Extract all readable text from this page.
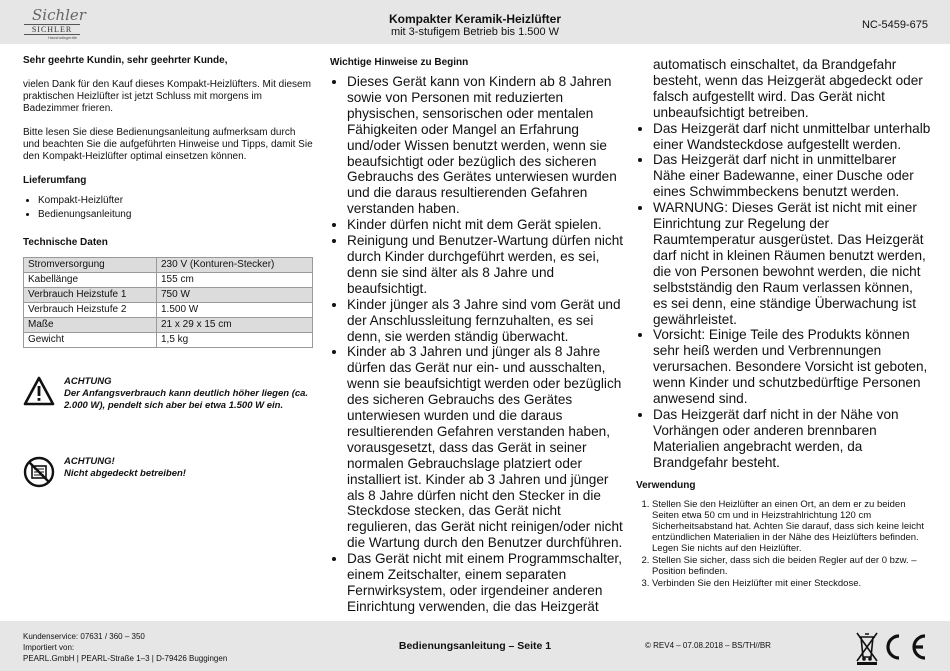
Sichler
SICHLER
Haushaltsgeräte
Kompakter Keramik-Heizlüfter
mit 3-stufigem Betrieb bis 1.500 W
NC-5459-675

Sehr geehrte Kundin, sehr geehrter Kunde,

vielen Dank für den Kauf dieses Kompakt-Heizlüfters. Mit diesem praktischen Heizlüfter ist jetzt Schluss mit morgens im Badezimmer frieren.

Bitte lesen Sie diese Bedienungsanleitung aufmerksam durch und beachten Sie die aufgeführten Hinweise und Tipps, damit Sie den Kompakt-Heizlüfter optimal einsetzen können.

Lieferumfang
• Kompakt-Heizlüfter
• Bedienungsanleitung
Technische Daten
Stromversorgung	230 V (Konturen-Stecker)
Kabellänge	155 cm
Verbrauch Heizstufe 1	750 W
Verbrauch Heizstufe 2	1.500 W
Maße	21 x 29 x 15 cm
Gewicht	1,5 kg
ACHTUNG
Der Anfangsverbrauch kann deutlich höher liegen (ca. 2.000 W), pendelt sich aber bei etwa 1.500 W ein.
ACHTUNG!
Nicht abgedeckt betreiben!
Wichtige Hinweise zu Beginn
• Dieses Gerät kann von Kindern ab 8 Jahren sowie von Personen mit reduzierten physischen, sensorischen oder mentalen Fähigkeiten oder Mangel an Erfahrung und/oder Wissen benutzt werden, wenn sie beaufsichtigt oder bezüglich des sicheren Gebrauchs des Gerätes unterwiesen wurden und die daraus resultierenden Gefahren verstanden haben.
• Kinder dürfen nicht mit dem Gerät spielen.
• Reinigung und Benutzer-Wartung dürfen nicht durch Kinder durchgeführt werden, es sei, denn sie sind älter als 8 Jahre und beaufsichtigt.
• Kinder jünger als 3 Jahre sind vom Gerät und der Anschlussleitung fernzuhalten, es sei denn, sie werden ständig überwacht.
• Kinder ab 3 Jahren und jünger als 8 Jahre dürfen das Gerät nur ein- und ausschalten, wenn sie beaufsichtigt werden oder bezüglich des sicheren Gebrauchs des Gerätes unterwiesen wurden und die daraus resultierenden Gefahren verstanden haben, vorausgesetzt, dass das Gerät in seiner normalen Gebrauchslage platziert oder installiert ist. Kinder ab 3 Jahren und jünger als 8 Jahre dürfen nicht den Stecker in die Steckdose stecken, das Gerät nicht regulieren, das Gerät nicht reinigen/oder nicht die Wartung durch den Benutzer durchführen.
• Das Gerät nicht mit einem Programmschalter, einem Zeitschalter, einem separaten Fernwirksystem, oder irgendeiner anderen Einrichtung verwenden, die das Heizgerät
automatisch einschaltet, da Brandgefahr besteht, wenn das Heizgerät abgedeckt oder falsch aufgestellt wird. Das Gerät nicht unbeaufsichtigt betreiben.
• Das Heizgerät darf nicht unmittelbar unterhalb einer Wandsteckdose aufgestellt werden.
• Das Heizgerät darf nicht in unmittelbarer Nähe einer Badewanne, einer Dusche oder eines Schwimmbeckens benutzt werden.
• WARNUNG: Dieses Gerät ist nicht mit einer Einrichtung zur Regelung der Raumtemperatur ausgerüstet. Das Heizgerät darf nicht in kleinen Räumen benutzt werden, die von Personen bewohnt werden, die nicht selbstständig den Raum verlassen können, es sei denn, eine ständige Überwachung ist gewährleistet.
• Vorsicht: Einige Teile des Produkts können sehr heiß werden und Verbrennungen verursachen. Besondere Vorsicht ist geboten, wenn Kinder und schutzbedürftige Personen anwesend sind.
• Das Heizgerät darf nicht in der Nähe von Vorhängen oder anderen brennbaren Materialien angebracht werden, da Brandgefahr besteht.
Verwendung
1. Stellen Sie den Heizlüfter an einen Ort, an dem er zu beiden Seiten etwa 50 cm und in Heizstrahlrichtung 120 cm Sicherheitsabstand hat. Achten Sie darauf, dass sich keine leicht entzündlichen Materialien in der Nähe des Heizlüfters befinden. Legen Sie nichts auf den Heizlüfter.
2. Stellen Sie sicher, dass sich die beiden Regler auf der 0 bzw. – Position befinden.
3. Verbinden Sie den Heizlüfter mit einer Steckdose.
Kundenservice: 07631 / 360 – 350
Importiert von:
PEARL.GmbH | PEARL-Straße 1–3 | D-79426 Buggingen
Bedienungsanleitung – Seite 1	© REV4 – 07.08.2018 – BS/TH//BR
